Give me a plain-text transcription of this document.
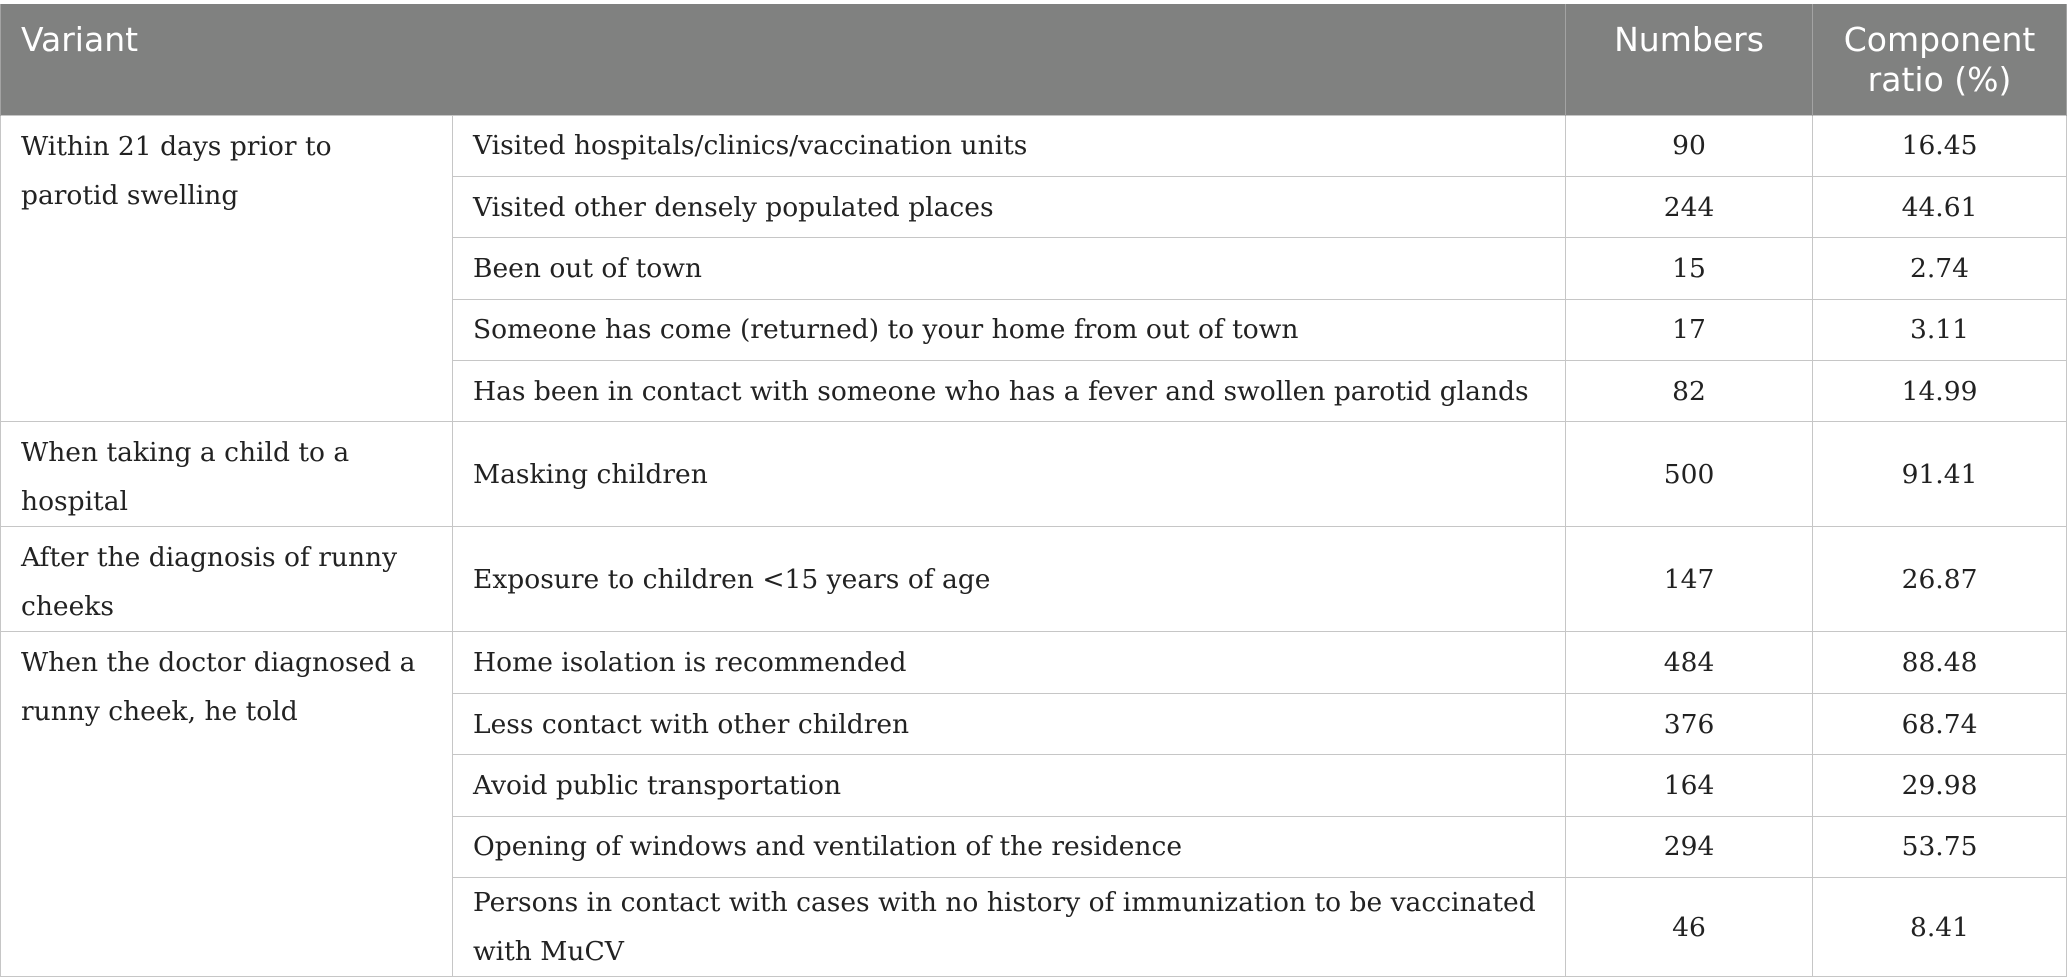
Variant		Numbers	Component ratio (%)
Within 21 days prior to parotid swelling	Visited hospitals/clinics/vaccination units	90	16.45
	Visited other densely populated places	244	44.61
	Been out of town	15	2.74
	Someone has come (returned) to your home from out of town	17	3.11
	Has been in contact with someone who has a fever and swollen parotid glands	82	14.99
When taking a child to a hospital	Masking children	500	91.41
After the diagnosis of runny cheeks	Exposure to children <15 years of age	147	26.87
When the doctor diagnosed a runny cheek, he told	Home isolation is recommended	484	88.48
	Less contact with other children	376	68.74
	Avoid public transportation	164	29.98
	Opening of windows and ventilation of the residence	294	53.75
	Persons in contact with cases with no history of immunization to be vaccinated with MuCV	46	8.41
